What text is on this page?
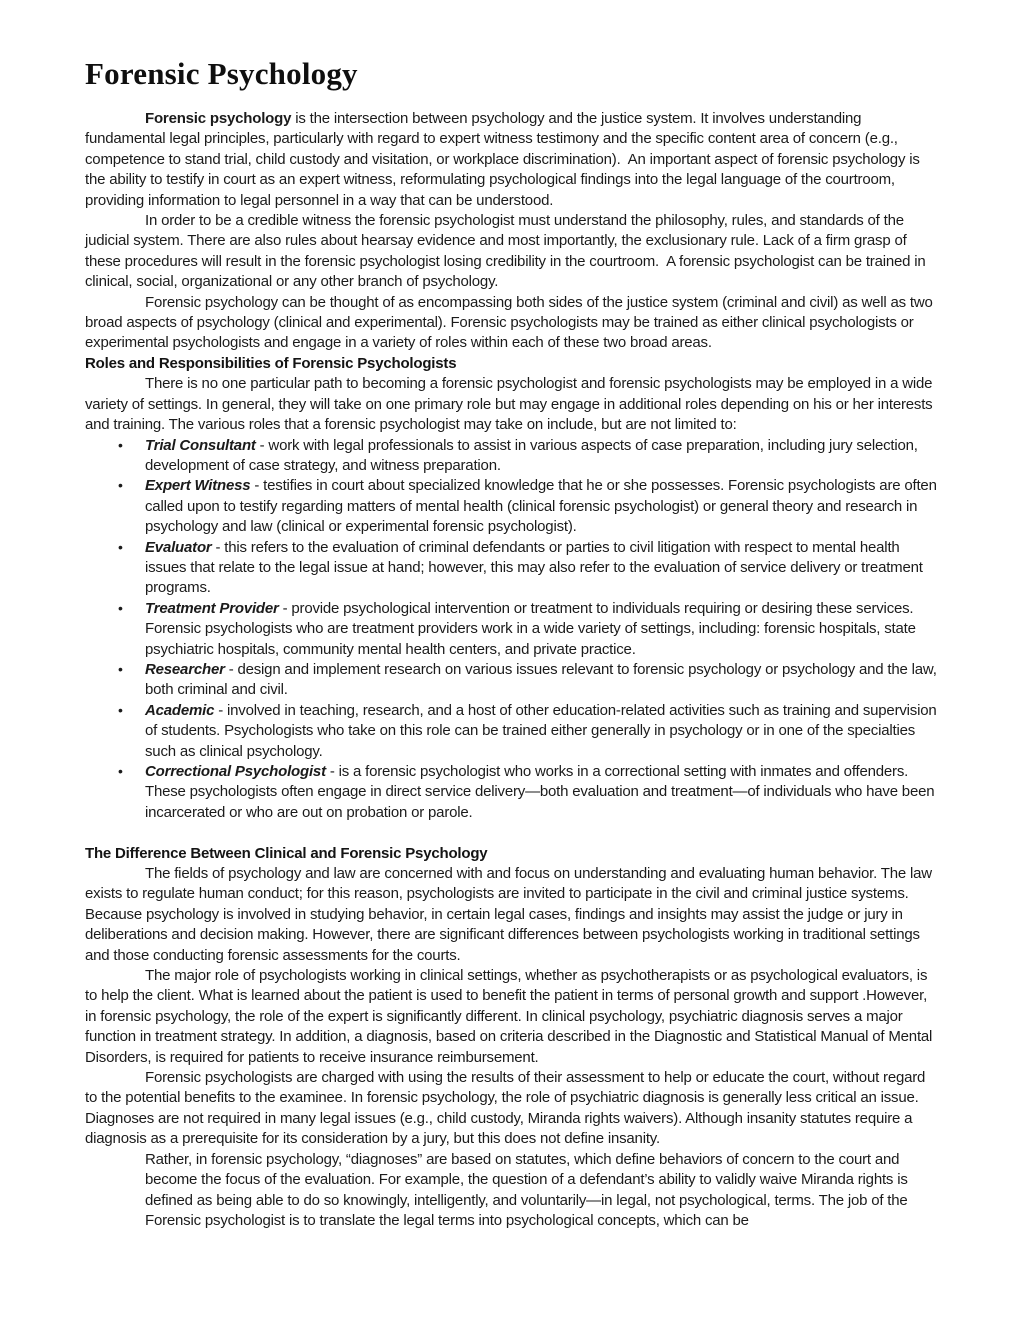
Forensic Psychology

Forensic psychology is the intersection between psychology and the justice system. It involves understanding fundamental legal principles, particularly with regard to expert witness testimony and the specific content area of concern (e.g., competence to stand trial, child custody and visitation, or workplace discrimination).  An important aspect of forensic psychology is the ability to testify in court as an expert witness, reformulating psychological findings into the legal language of the courtroom, providing information to legal personnel in a way that can be understood.

In order to be a credible witness the forensic psychologist must understand the philosophy, rules, and standards of the judicial system. There are also rules about hearsay evidence and most importantly, the exclusionary rule. Lack of a firm grasp of these procedures will result in the forensic psychologist losing credibility in the courtroom.  A forensic psychologist can be trained in clinical, social, organizational or any other branch of psychology.

Forensic psychology can be thought of as encompassing both sides of the justice system (criminal and civil) as well as two broad aspects of psychology (clinical and experimental). Forensic psychologists may be trained as either clinical psychologists or experimental psychologists and engage in a variety of roles within each of these two broad areas.

Roles and Responsibilities of Forensic Psychologists

There is no one particular path to becoming a forensic psychologist and forensic psychologists may be employed in a wide variety of settings. In general, they will take on one primary role but may engage in additional roles depending on his or her interests and training. The various roles that a forensic psychologist may take on include, but are not limited to:

• Trial Consultant - work with legal professionals to assist in various aspects of case preparation, including jury selection, development of case strategy, and witness preparation.
• Expert Witness - testifies in court about specialized knowledge that he or she possesses. Forensic psychologists are often called upon to testify regarding matters of mental health (clinical forensic psychologist) or general theory and research in psychology and law (clinical or experimental forensic psychologist).
• Evaluator - this refers to the evaluation of criminal defendants or parties to civil litigation with respect to mental health issues that relate to the legal issue at hand; however, this may also refer to the evaluation of service delivery or treatment programs.
• Treatment Provider - provide psychological intervention or treatment to individuals requiring or desiring these services. Forensic psychologists who are treatment providers work in a wide variety of settings, including: forensic hospitals, state psychiatric hospitals, community mental health centers, and private practice.
• Researcher - design and implement research on various issues relevant to forensic psychology or psychology and the law, both criminal and civil.
• Academic - involved in teaching, research, and a host of other education-related activities such as training and supervision of students. Psychologists who take on this role can be trained either generally in psychology or in one of the specialties such as clinical psychology.
• Correctional Psychologist - is a forensic psychologist who works in a correctional setting with inmates and offenders. These psychologists often engage in direct service delivery—both evaluation and treatment—of individuals who have been incarcerated or who are out on probation or parole.
The Difference Between Clinical and Forensic Psychology

The fields of psychology and law are concerned with and focus on understanding and evaluating human behavior. The law exists to regulate human conduct; for this reason, psychologists are invited to participate in the civil and criminal justice systems. Because psychology is involved in studying behavior, in certain legal cases, findings and insights may assist the judge or jury in deliberations and decision making. However, there are significant differences between psychologists working in traditional settings and those conducting forensic assessments for the courts.

The major role of psychologists working in clinical settings, whether as psychotherapists or as psychological evaluators, is to help the client. What is learned about the patient is used to benefit the patient in terms of personal growth and support .However, in forensic psychology, the role of the expert is significantly different. In clinical psychology, psychiatric diagnosis serves a major function in treatment strategy. In addition, a diagnosis, based on criteria described in the Diagnostic and Statistical Manual of Mental Disorders, is required for patients to receive insurance reimbursement.

Forensic psychologists are charged with using the results of their assessment to help or educate the court, without regard to the potential benefits to the examinee. In forensic psychology, the role of psychiatric diagnosis is generally less critical an issue. Diagnoses are not required in many legal issues (e.g., child custody, Miranda rights waivers). Although insanity statutes require a diagnosis as a prerequisite for its consideration by a jury, but this does not define insanity.

Rather, in forensic psychology, “diagnoses” are based on statutes, which define behaviors of concern to the court and become the focus of the evaluation. For example, the question of a defendant’s ability to validly waive Miranda rights is defined as being able to do so knowingly, intelligently, and voluntarily—in legal, not psychological, terms. The job of the Forensic psychologist is to translate the legal terms into psychological concepts, which can be
